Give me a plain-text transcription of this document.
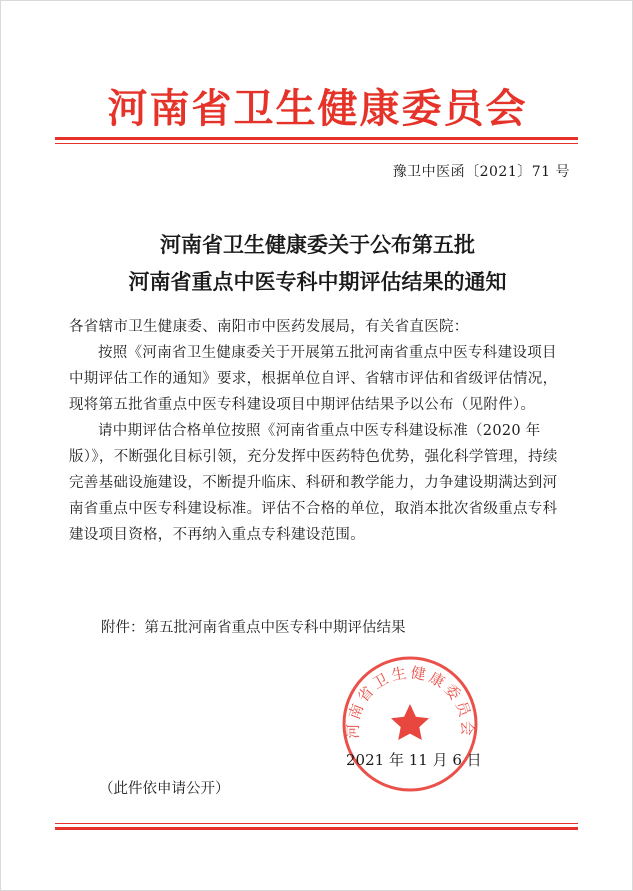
河南省卫生健康委员会
豫卫中医函〔2021〕71 号
河南省卫生健康委关于公布第五批
河南省重点中医专科中期评估结果的通知

各省辖市卫生健康委、南阳市中医药发展局，有关省直医院：

按照《河南省卫生健康委关于开展第五批河南省重点中医专科建设项目中期评估工作的通知》要求，根据单位自评、省辖市评估和省级评估情况，现将第五批省重点中医专科建设项目中期评估结果予以公布（见附件）。

请中期评估合格单位按照《河南省重点中医专科建设标准（2020 年版）》，不断强化目标引领，充分发挥中医药特色优势，强化科学管理，持续完善基础设施建设，不断提升临床、科研和教学能力，力争建设期满达到河南省重点中医专科建设标准。评估不合格的单位，取消本批次省级重点专科建设项目资格，不再纳入重点专科建设范围。

附件：第五批河南省重点中医专科中期评估结果
河南省卫生健康委员会
2021 年 11 月 6 日
（此件依申请公开）
